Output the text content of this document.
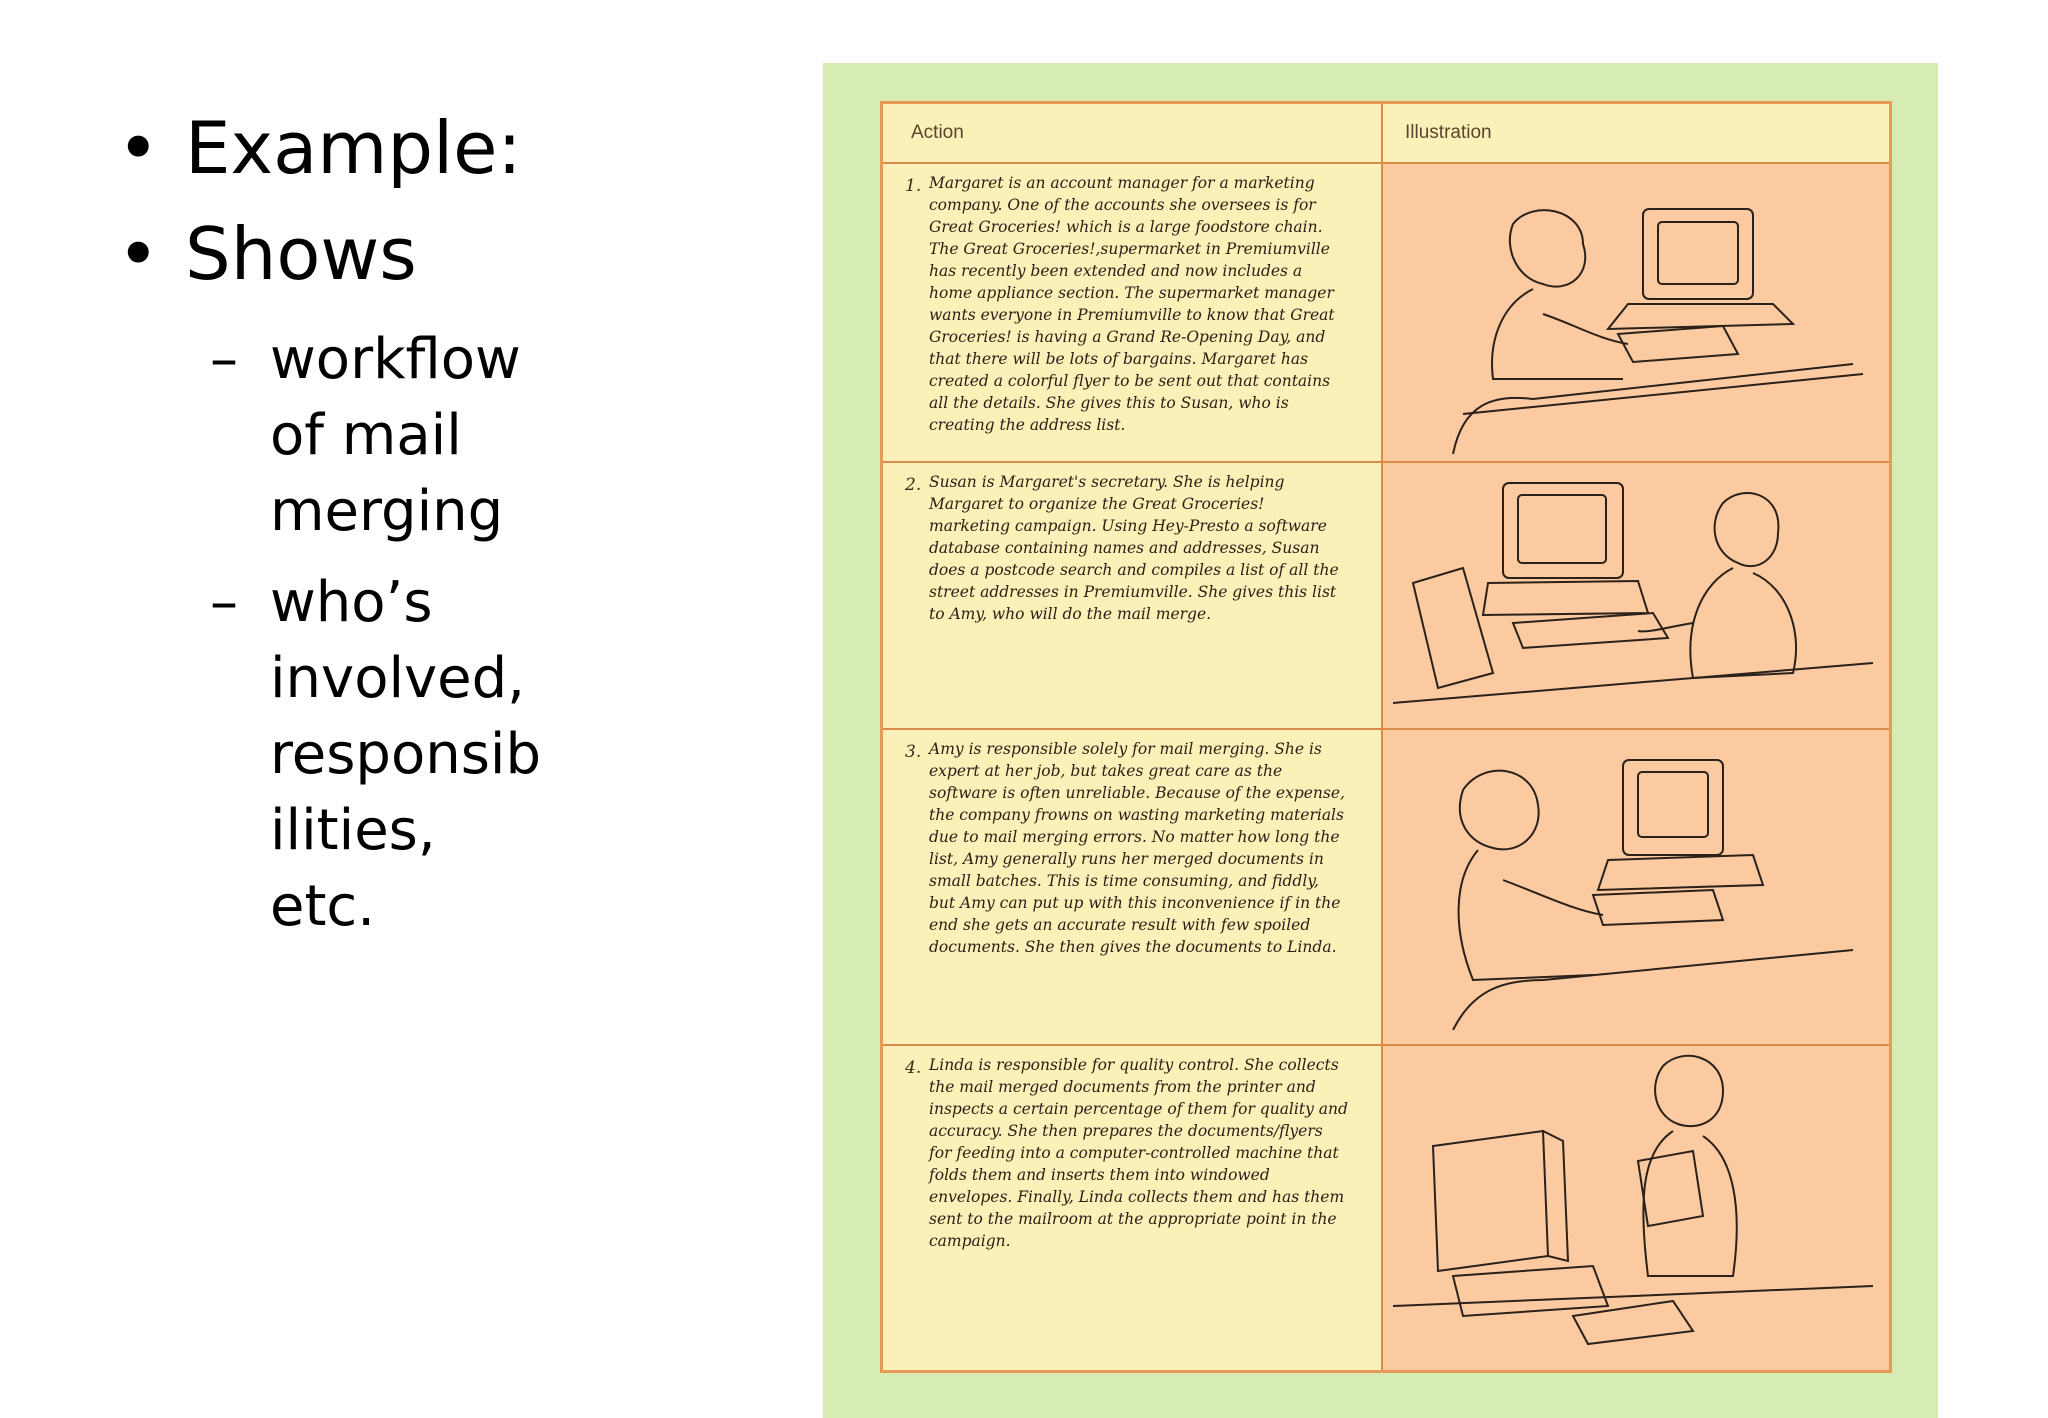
• Example:
• Shows
– workflow
of mail
merging
– who’s
involved,
responsib
ilities,
etc.
Action	Illustration
1. Margaret is an account manager for a marketing company. One of the accounts she oversees is for Great Groceries! which is a large foodstore chain. The Great Groceries!,supermarket in Premiumville has recently been extended and now includes a home appliance section. The supermarket manager wants everyone in Premiumville to know that Great Groceries! is having a Grand Re-Opening Day, and that there will be lots of bargains. Margaret has created a colorful flyer to be sent out that contains all the details. She gives this to Susan, who is creating the address list.
2. Susan is Margaret's secretary. She is helping Margaret to organize the Great Groceries! marketing campaign. Using Hey-Presto a software database containing names and addresses, Susan does a postcode search and compiles a list of all the street addresses in Premiumville. She gives this list to Amy, who will do the mail merge.
3. Amy is responsible solely for mail merging. She is expert at her job, but takes great care as the software is often unreliable. Because of the expense, the company frowns on wasting marketing materials due to mail merging errors. No matter how long the list, Amy generally runs her merged documents in small batches. This is time consuming, and fiddly, but Amy can put up with this inconvenience if in the end she gets an accurate result with few spoiled documents. She then gives the documents to Linda.
4. Linda is responsible for quality control. She collects the mail merged documents from the printer and inspects a certain percentage of them for quality and accuracy. She then prepares the documents/flyers for feeding into a computer-controlled machine that folds them and inserts them into windowed envelopes. Finally, Linda collects them and has them sent to the mailroom at the appropriate point in the campaign.
